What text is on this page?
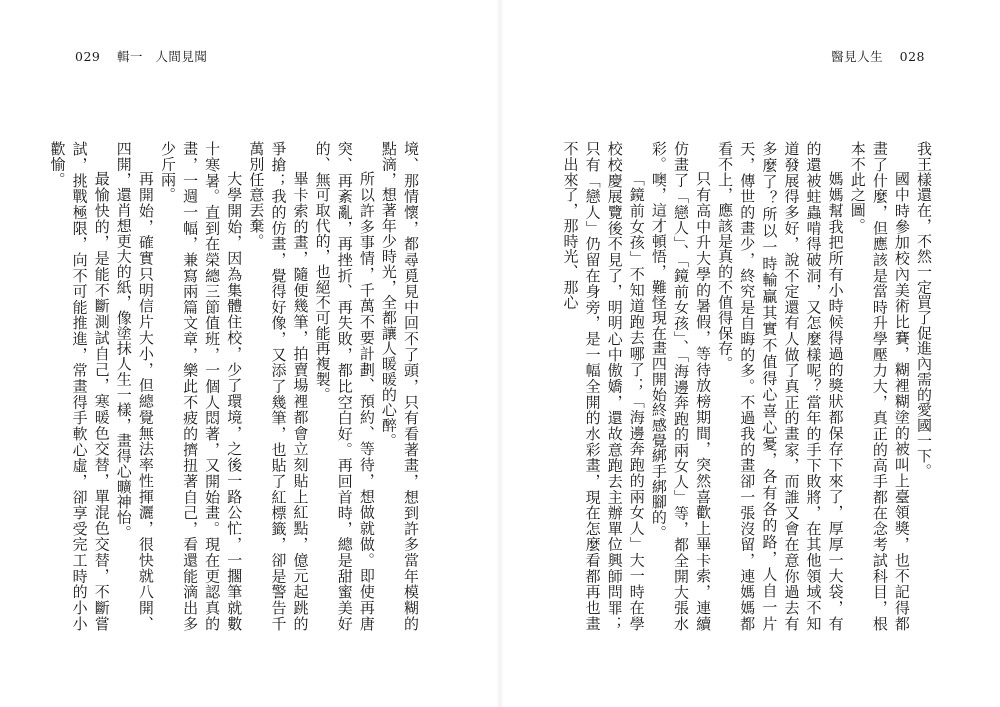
029 輯一 人間見聞	醫見人生 028

我王樣還在，不然一定買了促進內需的愛國一下。

國中時參加校內美術比賽，糊裡糊塗的被叫上臺領獎，也不記得都畫了什麼，但應該是當時升學壓力大，真正的高手都在念考試科目，根本不此之圖。

媽媽幫我把所有小時候得過的獎狀都保存下來了，厚厚一大袋，有的還被蛀蟲啃得破洞，又怎麼樣呢？當年的手下敗將，在其他領域不知道發展得多好，說不定還有人做了真正的畫家，而誰又會在意你過去有多麼了？所以一時輸贏其實不值得心喜心憂，各有各的路，人自一片天，傳世的畫少，終究是自晦的多。不過我的畫卻一張沒留，連媽媽都看不上，應該是真的不值得保存。

只有高中升大學的暑假，等待放榜期間，突然喜歡上畢卡索，連續仿畫了「戀人」、「鏡前女孩」、「海邊奔跑的兩女人」等，都全開大張水彩。噢，這才頓悟，難怪現在畫四開始終感覺綁手綁腳的。

「鏡前女孩」不知道跑去哪了；「海邊奔跑的兩女人」大一時在學校校慶展覽後不見了，明明心中傲嬌，還故意跑去主辦單位興師問罪；只有「戀人」仍留在身旁，是一幅全開的水彩畫，現在怎麼看都再也畫不出來了，那時光、那心

境、那情懷，都尋覓見中回不了頭，只有看著畫，想到許多當年模糊的點滴，想著年少時光，全都讓人暖暖的心醉。

所以許多事情，千萬不要計劃、預約、等待，想做就做。即使再唐突、再紊亂，再挫折、再失敗，都比空白好。再回首時，總是甜蜜美好的、無可取代的，也絕不可能再複製。

畢卡索的畫，隨便幾筆，拍賣場裡都會立刻貼上紅點，億元起跳的爭搶；我的仿畫，覺得好像，又添了幾筆，也貼了紅標籤，卻是警告千萬別任意丟棄。

大學開始，因為集體住校，少了環境，之後一路公忙，一擱筆就數十寒暑。直到在榮總三節值班，一個人悶著，又開始畫。現在更認真的畫，一週一幅，兼寫兩篇文章，樂此不疲的擠扭著自己，看還能滴出多少斤兩。

再開始，確實只明信片大小，但總覺無法率性揮灑，很快就八開、四開，還肖想更大的紙，像塗抹人生一樣，畫得心曠神怡。

最愉快的，是能不斷測試自己，寒暖色交替，單混色交替，不斷嘗試，挑戰極限，向不可能推進，常畫得手軟心虛，卻享受完工時的小小歡愉。
